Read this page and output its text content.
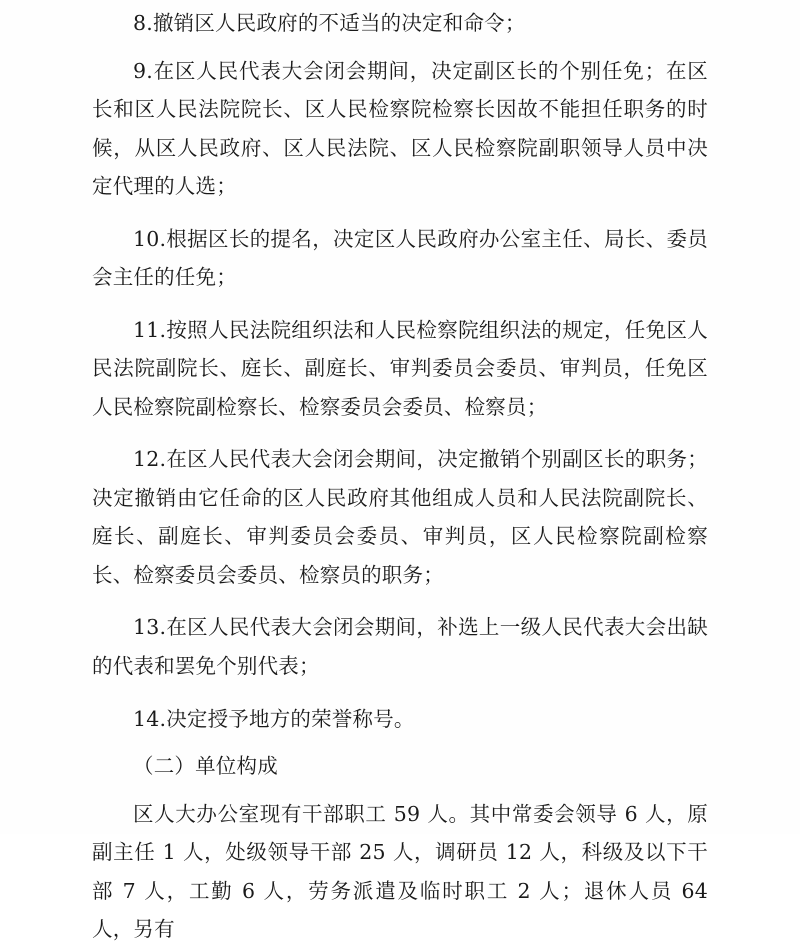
8.撤销区人民政府的不适当的决定和命令；

9.在区人民代表大会闭会期间，决定副区长的个别任免；在区长和区人民法院院长、区人民检察院检察长因故不能担任职务的时候，从区人民政府、区人民法院、区人民检察院副职领导人员中决定代理的人选；

10.根据区长的提名，决定区人民政府办公室主任、局长、委员会主任的任免；

11.按照人民法院组织法和人民检察院组织法的规定，任免区人民法院副院长、庭长、副庭长、审判委员会委员、审判员，任免区人民检察院副检察长、检察委员会委员、检察员；

12.在区人民代表大会闭会期间，决定撤销个别副区长的职务；决定撤销由它任命的区人民政府其他组成人员和人民法院副院长、庭长、副庭长、审判委员会委员、审判员，区人民检察院副检察长、检察委员会委员、检察员的职务；

13.在区人民代表大会闭会期间，补选上一级人民代表大会出缺的代表和罢免个别代表；

14.决定授予地方的荣誉称号。

（二）单位构成

区人大办公室现有干部职工 59 人。其中常委会领导 6 人，原副主任 1 人，处级领导干部 25 人，调研员 12 人，科级及以下干部 7 人，工勤 6 人，劳务派遣及临时职工 2 人；退休人员 64 人，另有
